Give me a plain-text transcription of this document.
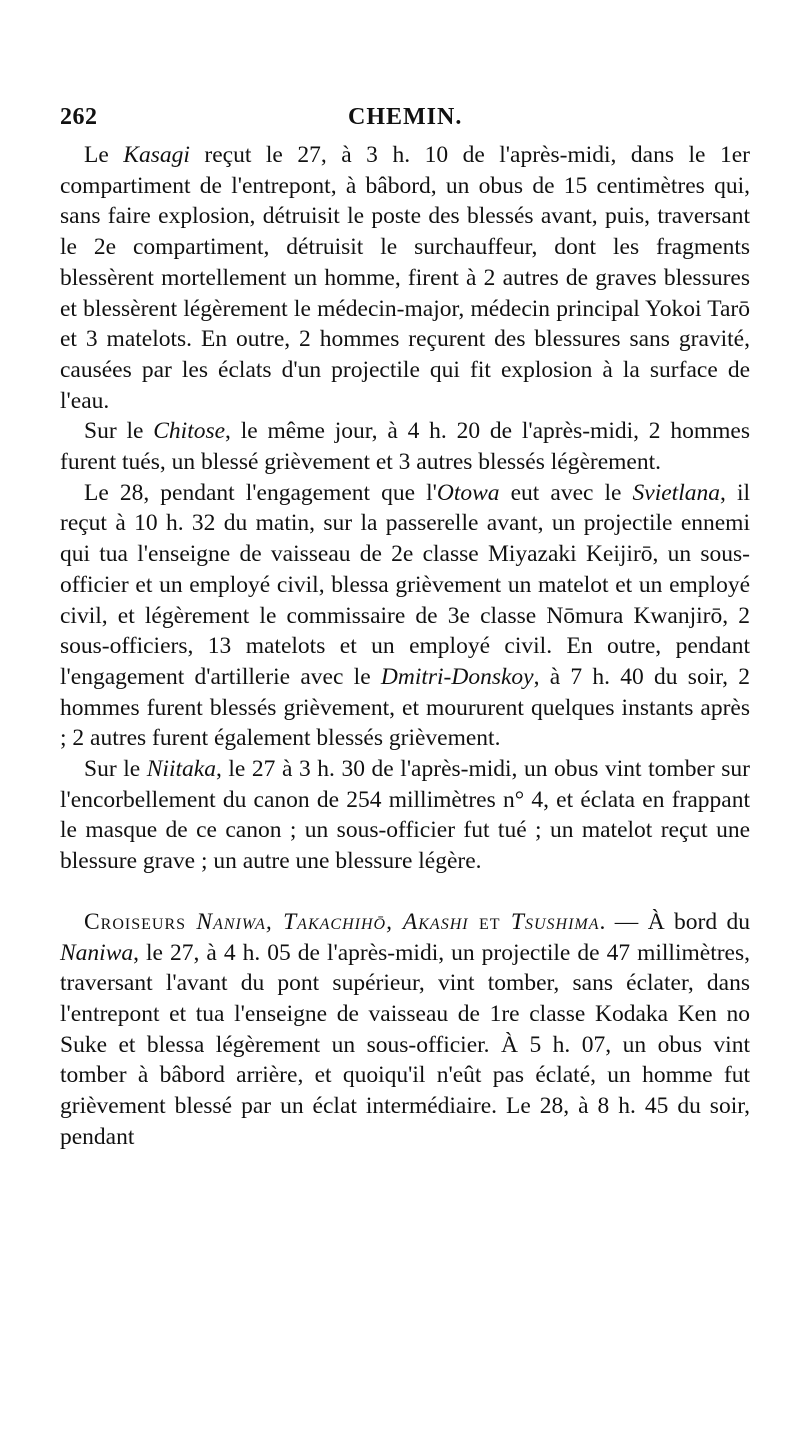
262	CHEMIN.

Le Kasagi reçut le 27, à 3 h. 10 de l'après-midi, dans le 1er compartiment de l'entrepont, à bâbord, un obus de 15 centimètres qui, sans faire explosion, détruisit le poste des blessés avant, puis, traversant le 2e compartiment, détruisit le surchauffeur, dont les fragments blessèrent mortellement un homme, firent à 2 autres de graves blessures et blessèrent légèrement le médecin-major, médecin principal Yokoi Tarō et 3 matelots. En outre, 2 hommes reçurent des blessures sans gravité, causées par les éclats d'un projectile qui fit explosion à la surface de l'eau.

Sur le Chitose, le même jour, à 4 h. 20 de l'après-midi, 2 hommes furent tués, un blessé grièvement et 3 autres blessés légèrement.

Le 28, pendant l'engagement que l'Otowa eut avec le Svietlana, il reçut à 10 h. 32 du matin, sur la passerelle avant, un projectile ennemi qui tua l'enseigne de vaisseau de 2e classe Miyazaki Keijirō, un sous-officier et un employé civil, blessa grièvement un matelot et un employé civil, et légèrement le commissaire de 3e classe Nōmura Kwanjirō, 2 sous-officiers, 13 matelots et un employé civil. En outre, pendant l'engagement d'artillerie avec le Dmitri-Donskoy, à 7 h. 40 du soir, 2 hommes furent blessés grièvement, et moururent quelques instants après ; 2 autres furent également blessés grièvement.

Sur le Niitaka, le 27 à 3 h. 30 de l'après-midi, un obus vint tomber sur l'encorbellement du canon de 254 millimètres n° 4, et éclata en frappant le masque de ce canon ; un sous-officier fut tué ; un matelot reçut une blessure grave ; un autre une blessure légère.

Croiseurs Naniwa, Takachihō, Akashi et Tsushima. — À bord du Naniwa, le 27, à 4 h. 05 de l'après-midi, un projectile de 47 millimètres, traversant l'avant du pont supérieur, vint tomber, sans éclater, dans l'entrepont et tua l'enseigne de vaisseau de 1re classe Kodaka Ken no Suke et blessa légèrement un sous-officier. À 5 h. 07, un obus vint tomber à bâbord arrière, et quoiqu'il n'eût pas éclaté, un homme fut grièvement blessé par un éclat intermédiaire. Le 28, à 8 h. 45 du soir, pendant
